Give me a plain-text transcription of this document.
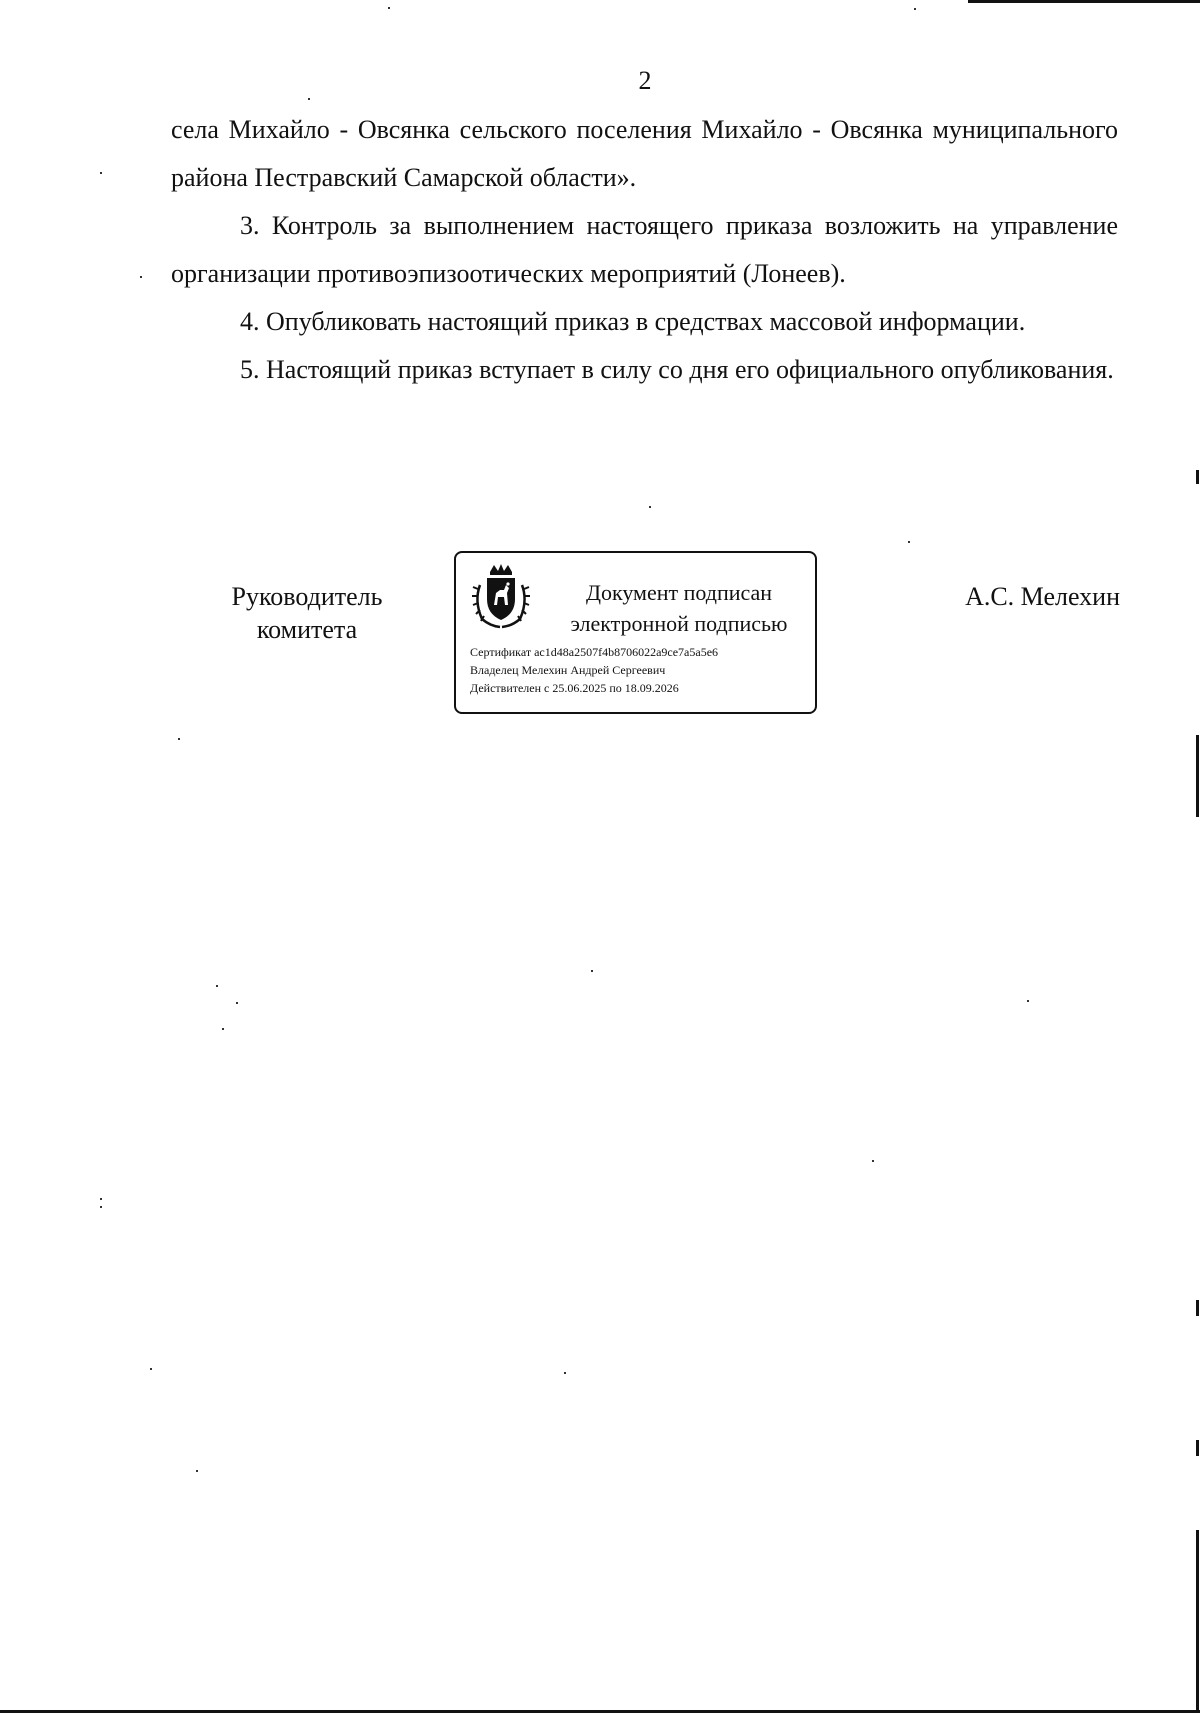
2

села Михайло - Овсянка сельского поселения Михайло - Овсянка муниципального района Пестравский Самарской области».

3. Контроль за выполнением настоящего приказа возложить на управление организации противоэпизоотических мероприятий (Лонеев).

4. Опубликовать настоящий приказ в средствах массовой информации.

5. Настоящий приказ вступает в силу со дня его официального опубликования.

Руководитель
комитета
Документ подписан
электронной подписью
Сертификат ac1d48a2507f4b8706022a9ce7a5a5e6
Владелец Мелехин Андрей Сергеевич
Действителен с 25.06.2025 по 18.09.2026
А.С. Мелехин
